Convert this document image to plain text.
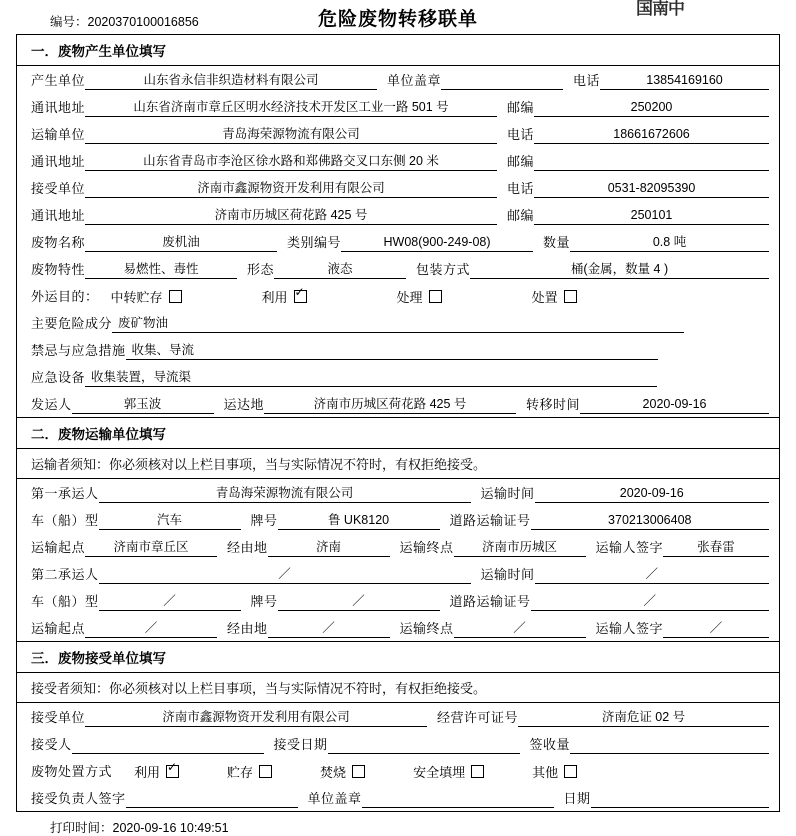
编号：2020370100016856	危险废物转移联单
国南中
一．废物产生单位填写
产生单位	山东省永信非织造材料有限公司	单位盖章	电话	13854169160
通讯地址	山东省济南市章丘区明水经济技术开发区工业一路 501 号	邮编	250200
运输单位	青岛海荣源物流有限公司	电话	18661672606
通讯地址	山东省青岛市李沧区徐水路和郑佛路交叉口东侧 20 米	邮编
接受单位	济南市鑫源物资开发利用有限公司	电话	0531-82095390
通讯地址	济南市历城区荷花路 425 号	邮编	250101
废物名称	废机油	类别编号	HW08(900-249-08)	数量	0.8 吨
废物特性	易燃性、毒性	形态	液态	包装方式	桶(金属，数量 4 )
外运目的： 中转贮存	利用 ✓	处理	处置
主要危险成分 废矿物油
禁忌与应急措施 收集、导流
应急设备 收集装置，导流渠
发运人	郭玉波	运达地	济南市历城区荷花路 425 号	转移时间	2020-09-16
二．废物运输单位填写
运输者须知：你必须核对以上栏目事项，当与实际情况不符时，有权拒绝接受。
第一承运人	青岛海荣源物流有限公司	运输时间	2020-09-16
车（船）型	汽车	牌号	鲁 UK8120	道路运输证号	370213006408
运输起点	济南市章丘区	经由地	济南	运输终点	济南市历城区	运输人签字	张春雷
第二承运人	／	运输时间	／
车（船）型	／	牌号	／	道路运输证号	／
运输起点	／	经由地	／	运输终点	／	运输人签字	／
三．废物接受单位填写
接受者须知：你必须核对以上栏目事项，当与实际情况不符时，有权拒绝接受。
接受单位	济南市鑫源物资开发利用有限公司	经营许可证号	济南危证 02 号
接受人	接受日期	签收量
废物处置方式 利用 ✓	贮存	焚烧	安全填埋	其他
接受负责人签字	单位盖章	日期
打印时间：2020-09-16 10:49:51
